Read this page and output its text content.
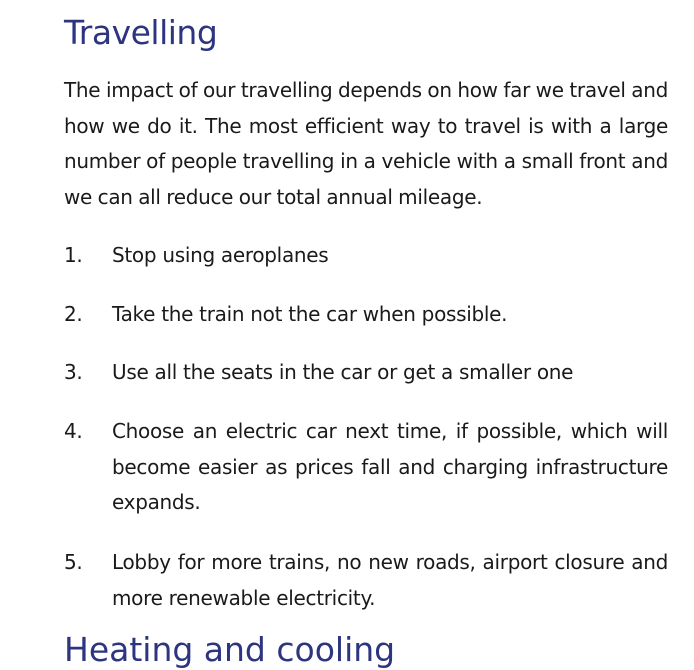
Travelling

The impact of our travelling depends on how far we travel and how we do it. The most efficient way to travel is with a large number of people travelling in a vehicle with a small front and we can all reduce our total annual mileage.

1.	Stop using aeroplanes
2.	Take the train not the car when possible.
3.	Use all the seats in the car or get a smaller one
4.	Choose an electric car next time, if possible, which will become easier as prices fall and charging infrastructure expands.
5.	Lobby for more trains, no new roads, airport closure and more renewable electricity.
Heating and cooling
